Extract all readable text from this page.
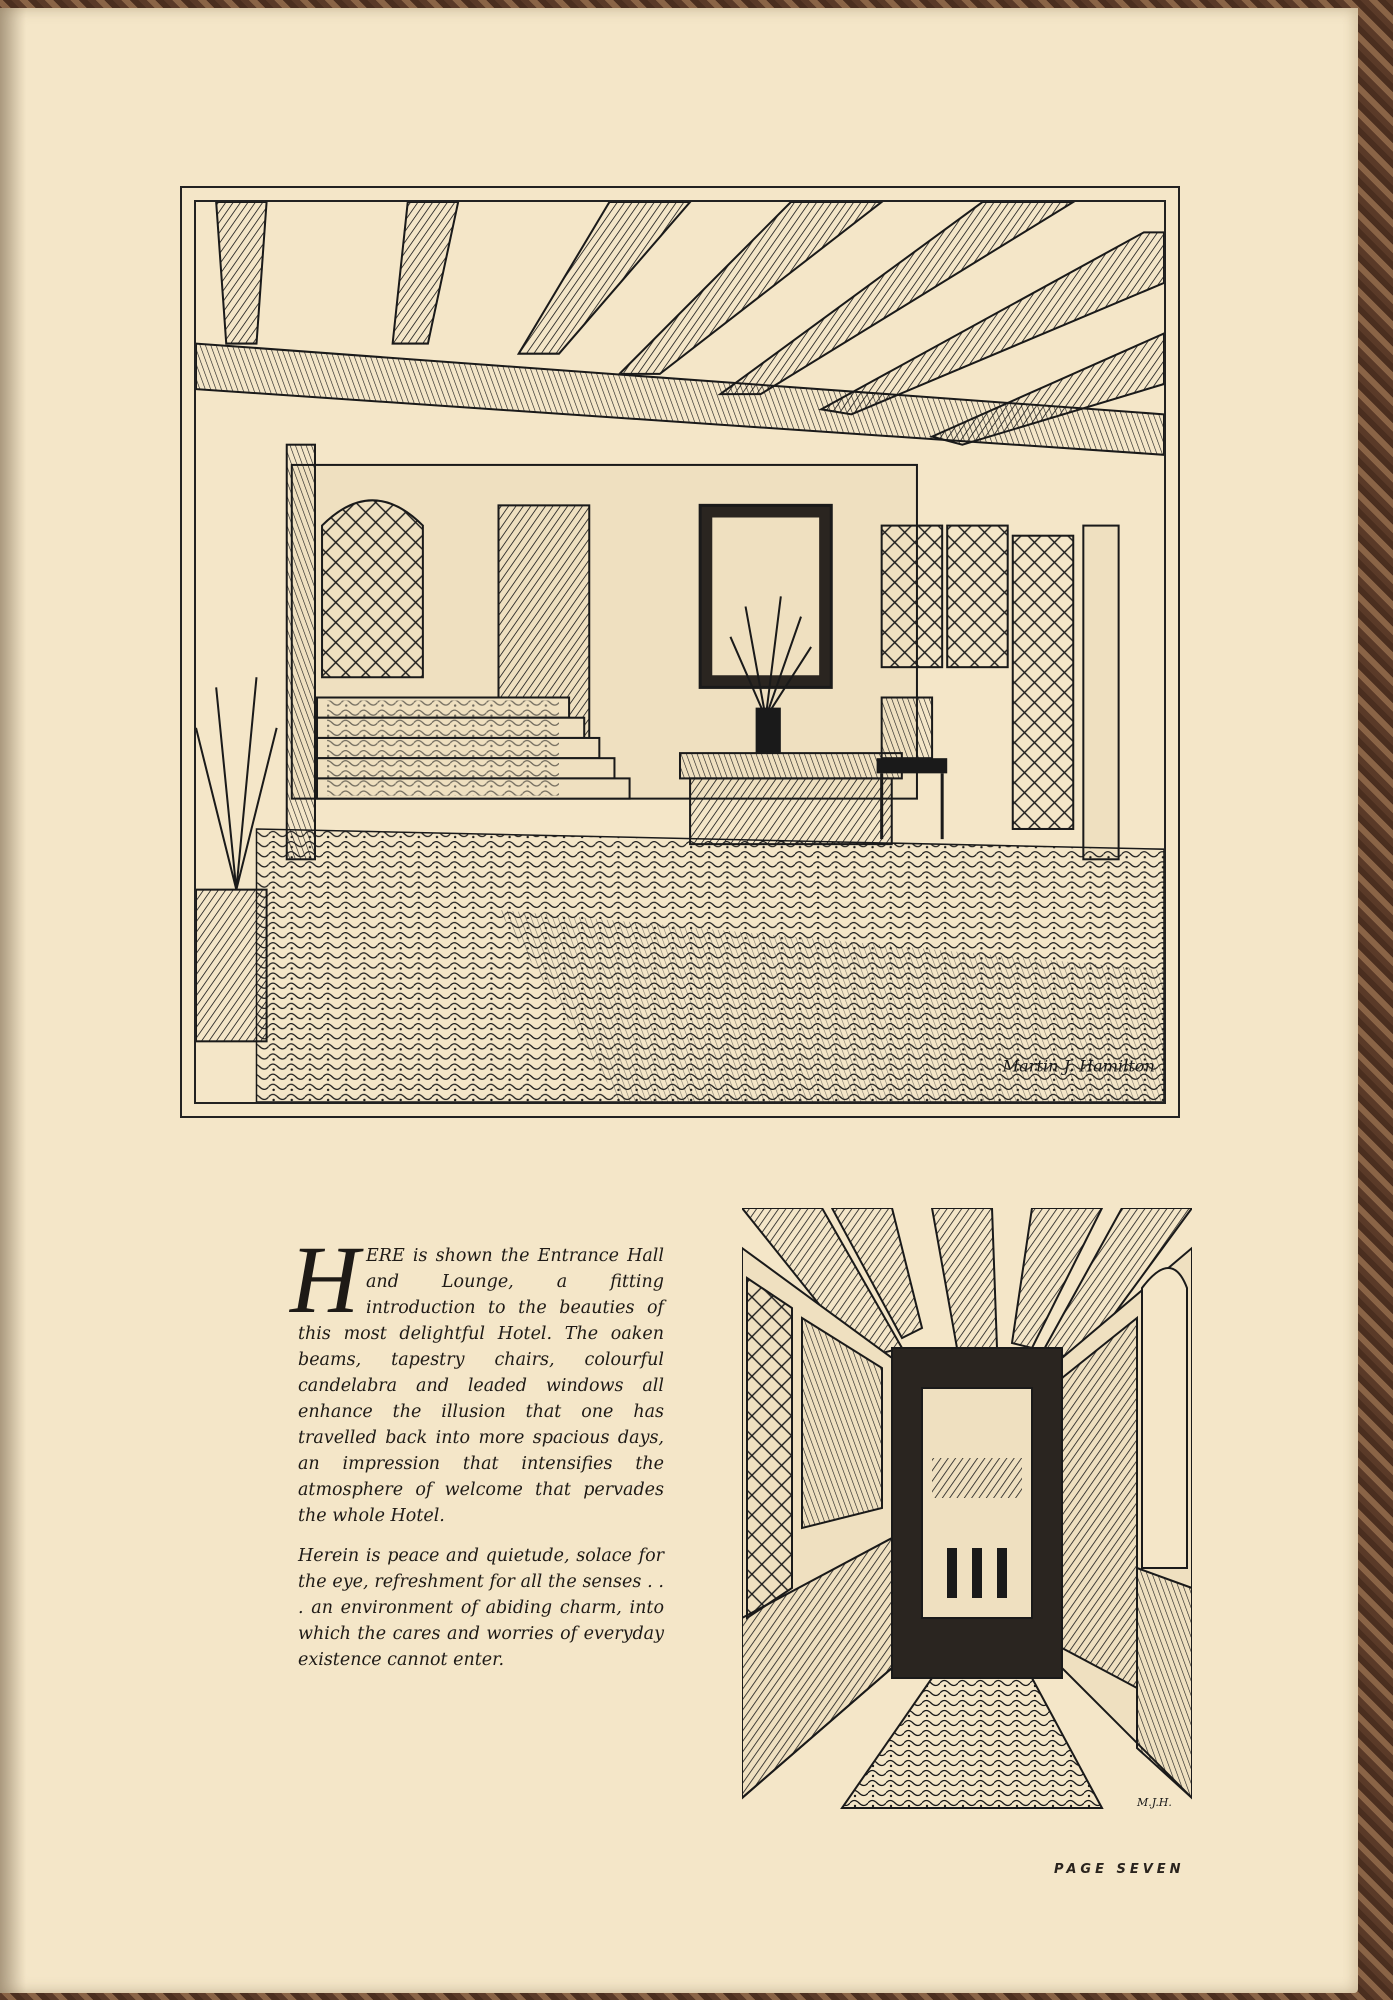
Martin J. Hamilton

HERE is shown the Entrance Hall and Lounge, a fitting introduction to the beauties of this most delightful Hotel. The oaken beams, tapestry chairs, colourful candelabra and leaded windows all enhance the illusion that one has travelled back into more spacious days, an impression that intensifies the atmosphere of welcome that pervades the whole Hotel.

Herein is peace and quietude, solace for the eye, refreshment for all the senses . . . an environment of abiding charm, into which the cares and worries of everyday existence cannot enter.

M.J.H.
PAGE SEVEN
